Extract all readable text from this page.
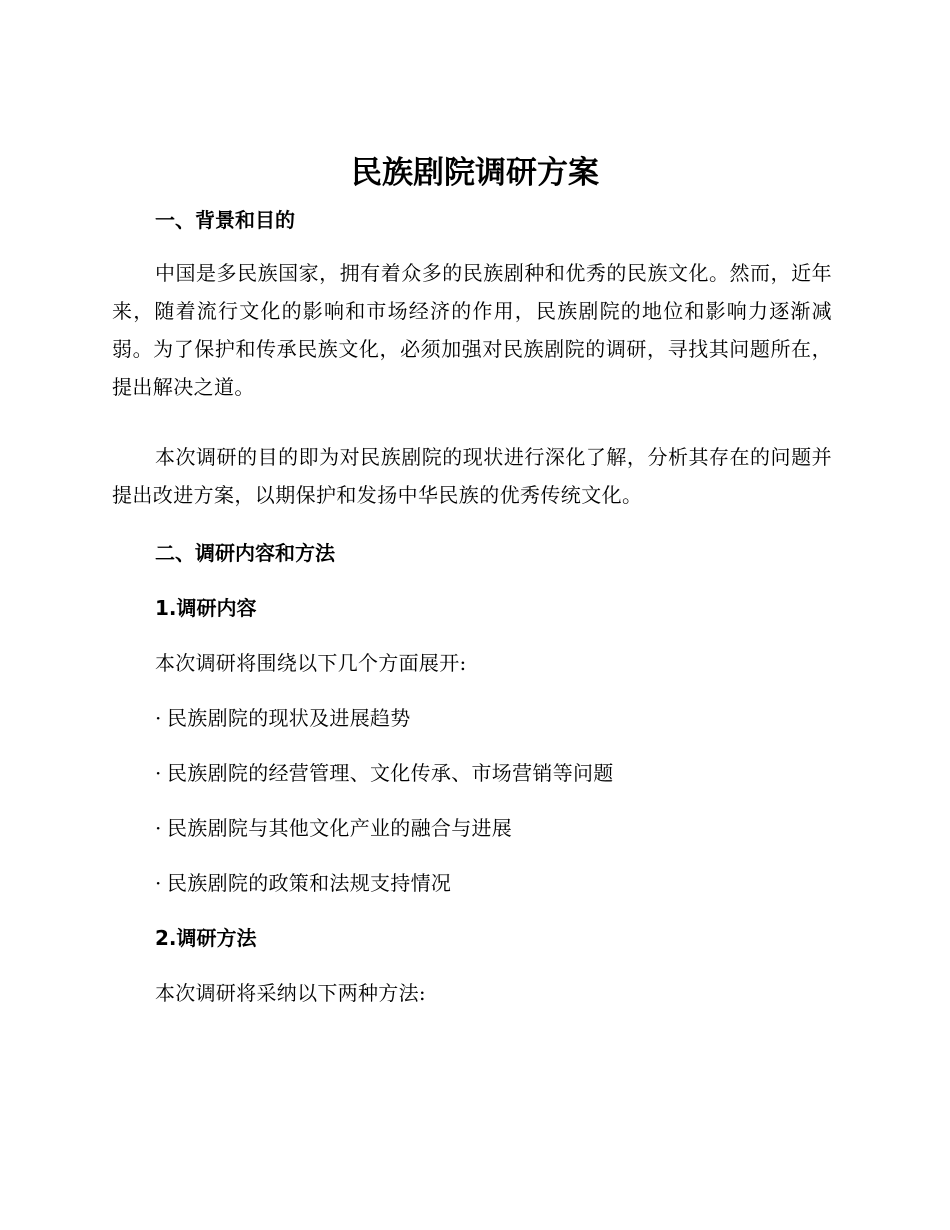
民族剧院调研方案
一、背景和目的
中国是多民族国家，拥有着众多的民族剧种和优秀的民族文化。然而，近年来，随着流行文化的影响和市场经济的作用，民族剧院的地位和影响力逐渐减弱。为了保护和传承民族文化，必须加强对民族剧院的调研，寻找其问题所在，提出解决之道。
本次调研的目的即为对民族剧院的现状进行深化了解，分析其存在的问题并提出改进方案，以期保护和发扬中华民族的优秀传统文化。
二、调研内容和方法
1.调研内容
本次调研将围绕以下几个方面展开:
· 民族剧院的现状及进展趋势
· 民族剧院的经营管理、文化传承、市场营销等问题
· 民族剧院与其他文化产业的融合与进展
· 民族剧院的政策和法规支持情况
2.调研方法
本次调研将采纳以下两种方法:
